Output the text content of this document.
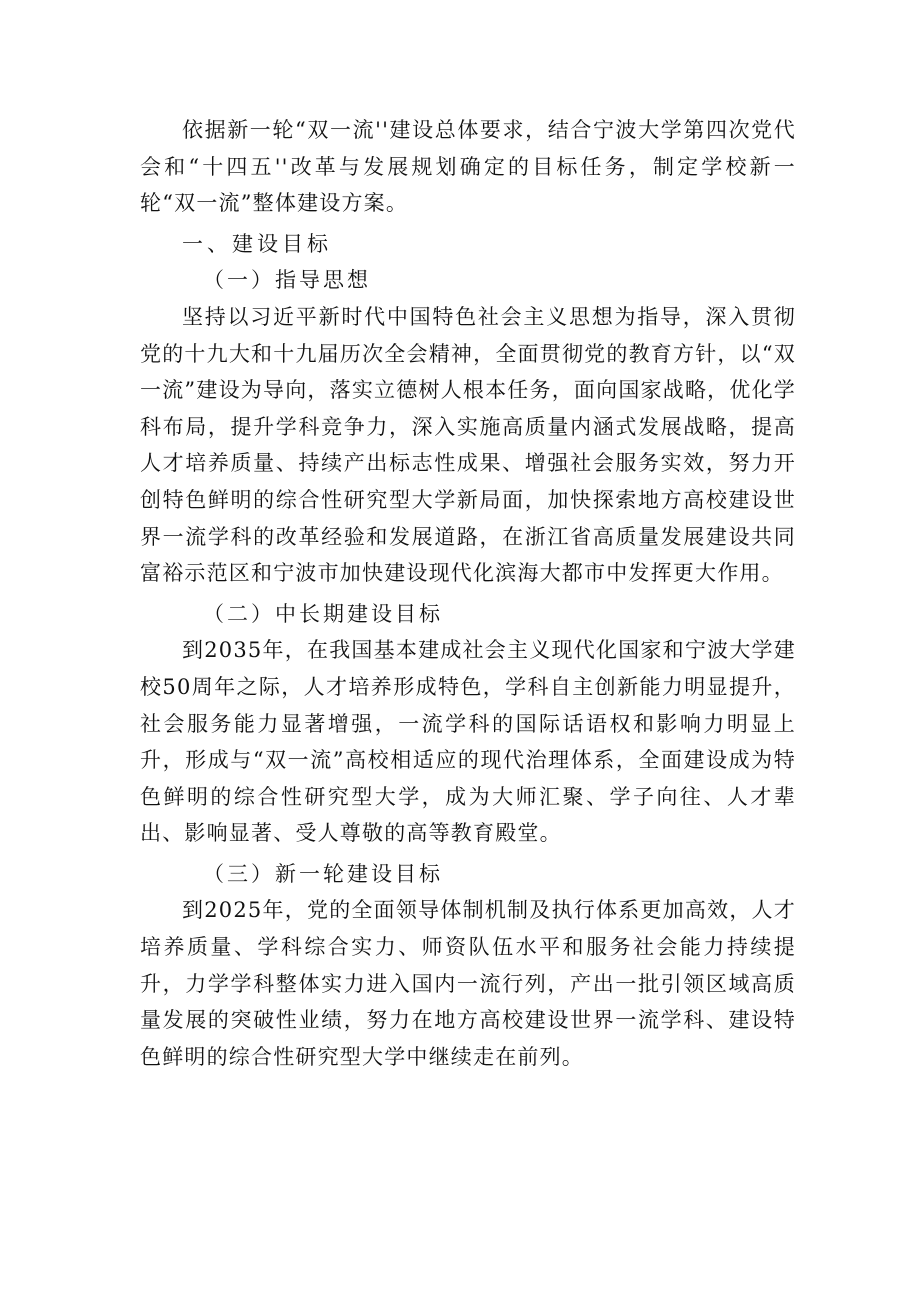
依据新一轮“双一流''建设总体要求，结合宁波大学第四次党代会和“十四五''改革与发展规划确定的目标任务，制定学校新一轮“双一流”整体建设方案。

一、建设目标

（一）指导思想

坚持以习近平新时代中国特色社会主义思想为指导，深入贯彻党的十九大和十九届历次全会精神，全面贯彻党的教育方针，以“双一流”建设为导向，落实立德树人根本任务，面向国家战略，优化学科布局，提升学科竞争力，深入实施高质量内涵式发展战略，提高人才培养质量、持续产出标志性成果、增强社会服务实效，努力开创特色鲜明的综合性研究型大学新局面，加快探索地方高校建设世界一流学科的改革经验和发展道路，在浙江省高质量发展建设共同富裕示范区和宁波市加快建设现代化滨海大都市中发挥更大作用。

（二）中长期建设目标

到2035年，在我国基本建成社会主义现代化国家和宁波大学建校50周年之际，人才培养形成特色，学科自主创新能力明显提升，社会服务能力显著增强，一流学科的国际话语权和影响力明显上升，形成与“双一流”高校相适应的现代治理体系，全面建设成为特色鲜明的综合性研究型大学，成为大师汇聚、学子向往、人才辈出、影响显著、受人尊敬的高等教育殿堂。

（三）新一轮建设目标

到2025年，党的全面领导体制机制及执行体系更加高效，人才培养质量、学科综合实力、师资队伍水平和服务社会能力持续提升，力学学科整体实力进入国内一流行列，产出一批引领区域高质量发展的突破性业绩，努力在地方高校建设世界一流学科、建设特色鲜明的综合性研究型大学中继续走在前列。
